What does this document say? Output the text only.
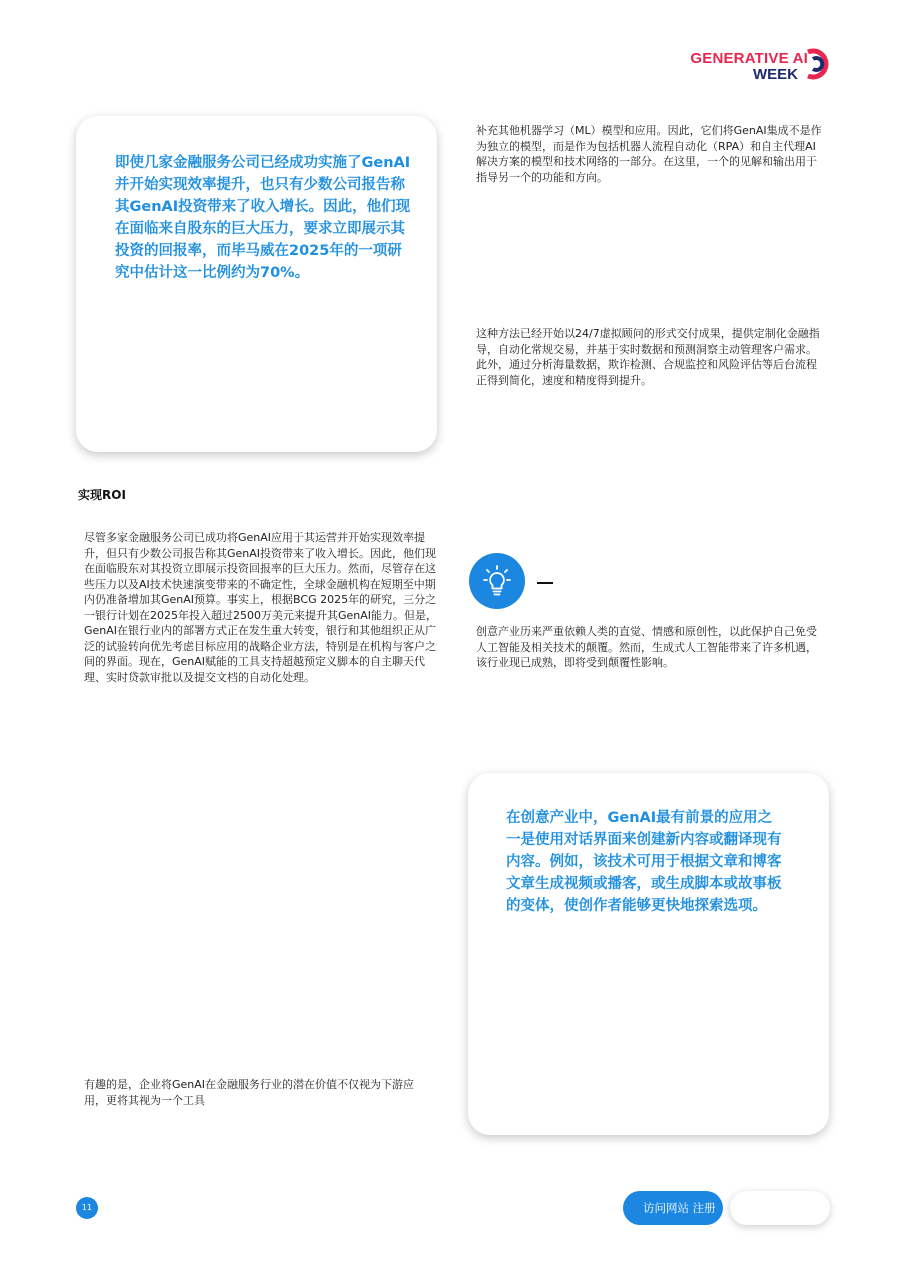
GENERATIVE AI
WEEK
即使几家金融服务公司已经成功实施了GenAI并开始实现效率提升，也只有少数公司报告称其GenAI投资带来了收入增长。因此，他们现在面临来自股东的巨大压力，要求立即展示其投资的回报率，而毕马威在2025年的一项研究中估计这一比例约为70%。
补充其他机器学习（ML）模型和应用。因此，它们将GenAI集成不是作为独立的模型，而是作为包括机器人流程自动化（RPA）和自主代理AI解决方案的模型和技术网络的一部分。在这里，一个的见解和输出用于指导另一个的功能和方向。
这种方法已经开始以24/7虚拟顾问的形式交付成果，提供定制化金融指导，自动化常规交易，并基于实时数据和预测洞察主动管理客户需求。此外，通过分析海量数据，欺诈检测、合规监控和风险评估等后台流程正得到简化，速度和精度得到提升。
实现ROI
尽管多家金融服务公司已成功将GenAI应用于其运营并开始实现效率提升，但只有少数公司报告称其GenAI投资带来了收入增长。因此，他们现在面临股东对其投资立即展示投资回报率的巨大压力。然而，尽管存在这些压力以及AI技术快速演变带来的不确定性，全球金融机构在短期至中期内仍准备增加其GenAI预算。事实上，根据BCG 2025年的研究，三分之一银行计划在2025年投入超过2500万美元来提升其GenAI能力。但是，GenAI在银行业内的部署方式正在发生重大转变，银行和其他组织正从广泛的试验转向优先考虑目标应用的战略企业方法，特别是在机构与客户之间的界面。现在，GenAI赋能的工具支持超越预定义脚本的自主聊天代理、实时贷款审批以及提交文档的自动化处理。
有趣的是，企业将GenAI在金融服务行业的潜在价值不仅视为下游应用，更将其视为一个工具
创意产业历来严重依赖人类的直觉、情感和原创性，以此保护自己免受人工智能及相关技术的颠覆。然而，生成式人工智能带来了许多机遇，该行业现已成熟，即将受到颠覆性影响。
在创意产业中，GenAI最有前景的应用之一是使用对话界面来创建新内容或翻译现有内容。例如，该技术可用于根据文章和博客文章生成视频或播客，或生成脚本或故事板的变体，使创作者能够更快地探索选项。
11	访问网站 注册
